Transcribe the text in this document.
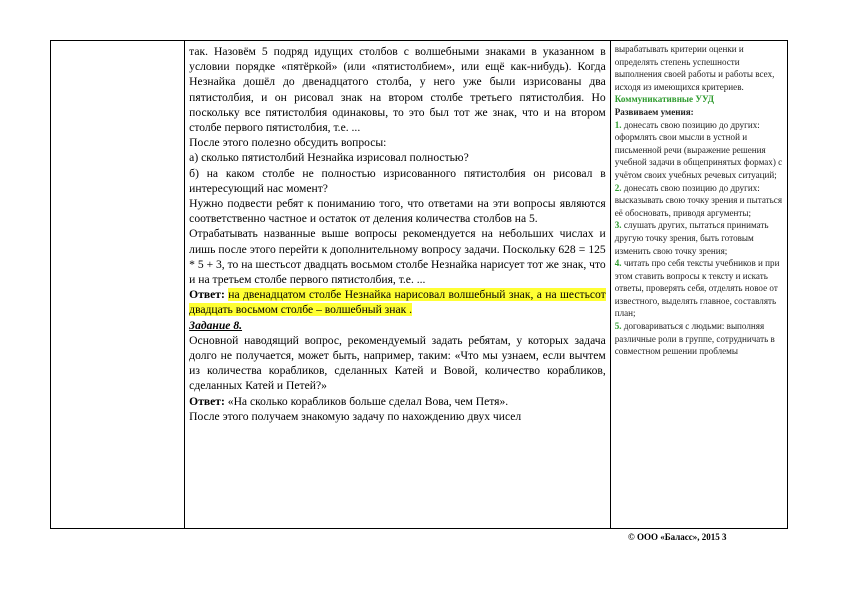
так. Назовём 5 подряд идущих столбов с волшебными знаками в указанном в условии порядке «пятёркой» (или «пятистолбием», или ещё как-нибудь). Когда Незнайка дошёл до двенадцатого столба, у него уже были изрисованы два пятистолбия, и он рисовал знак на втором столбе третьего пятистолбия. Но поскольку все пятистолбия одинаковы, то это был тот же знак, что и на втором столбе первого пятистолбия, т.е. ...

После этого полезно обсудить вопросы:

а) сколько пятистолбий Незнайка изрисовал полностью?

б) на каком столбе не полностью изрисованного пятистолбия он рисовал в интересующий нас момент?

Нужно подвести ребят к пониманию того, что ответами на эти вопросы являются соответственно частное и остаток от деления количества столбов на 5.

Отрабатывать названные выше вопросы рекомендуется на небольших числах и лишь после этого перейти к дополнительному вопросу задачи. Поскольку 628 = 125 * 5 + 3, то на шестьсот двадцать восьмом столбе Незнайка нарисует тот же знак, что и на третьем столбе первого пятистолбия, т.е. ...

Ответ: на двенадцатом столбе Незнайка нарисовал волшебный знак, а на шестьсот двадцать восьмом столбе – волшебный знак .

Задание 8.

Основной наводящий вопрос, рекомендуемый задать ребятам, у которых задача долго не получается, может быть, например, таким: «Что мы узнаем, если вычтем из количества корабликов, сделанных Катей и Вовой, количество корабликов, сделанных Катей и Петей?»

Ответ: «На сколько корабликов больше сделал Вова, чем Петя».

После этого получаем знакомую задачу по нахождению двух чисел

вырабатывать критерии оценки и определять степень успешности выполнения своей работы и работы всех, исходя из имеющихся критериев.

Коммуникативные УУД

Развиваем умения:

1. донесать свою позицию до других: оформлять свои мысли в устной и письменной речи (выражение решения учебной задачи в общепринятых формах) с учётом своих учебных речевых ситуаций;

2. донесать свою позицию до других: высказывать свою точку зрения и пытаться её обосновать, приводя аргументы;

3. слушать других, пытаться принимать другую точку зрения, быть готовым изменить свою точку зрения;

4. читать про себя тексты учебников и при этом ставить вопросы к тексту и искать ответы, проверять себя, отделять новое от известного, выделять главное, составлять план;

5. договариваться с людьми: выполняя различные роли в группе, сотрудничать в совместном решении проблемы

© ООО «Баласс», 2015 3
